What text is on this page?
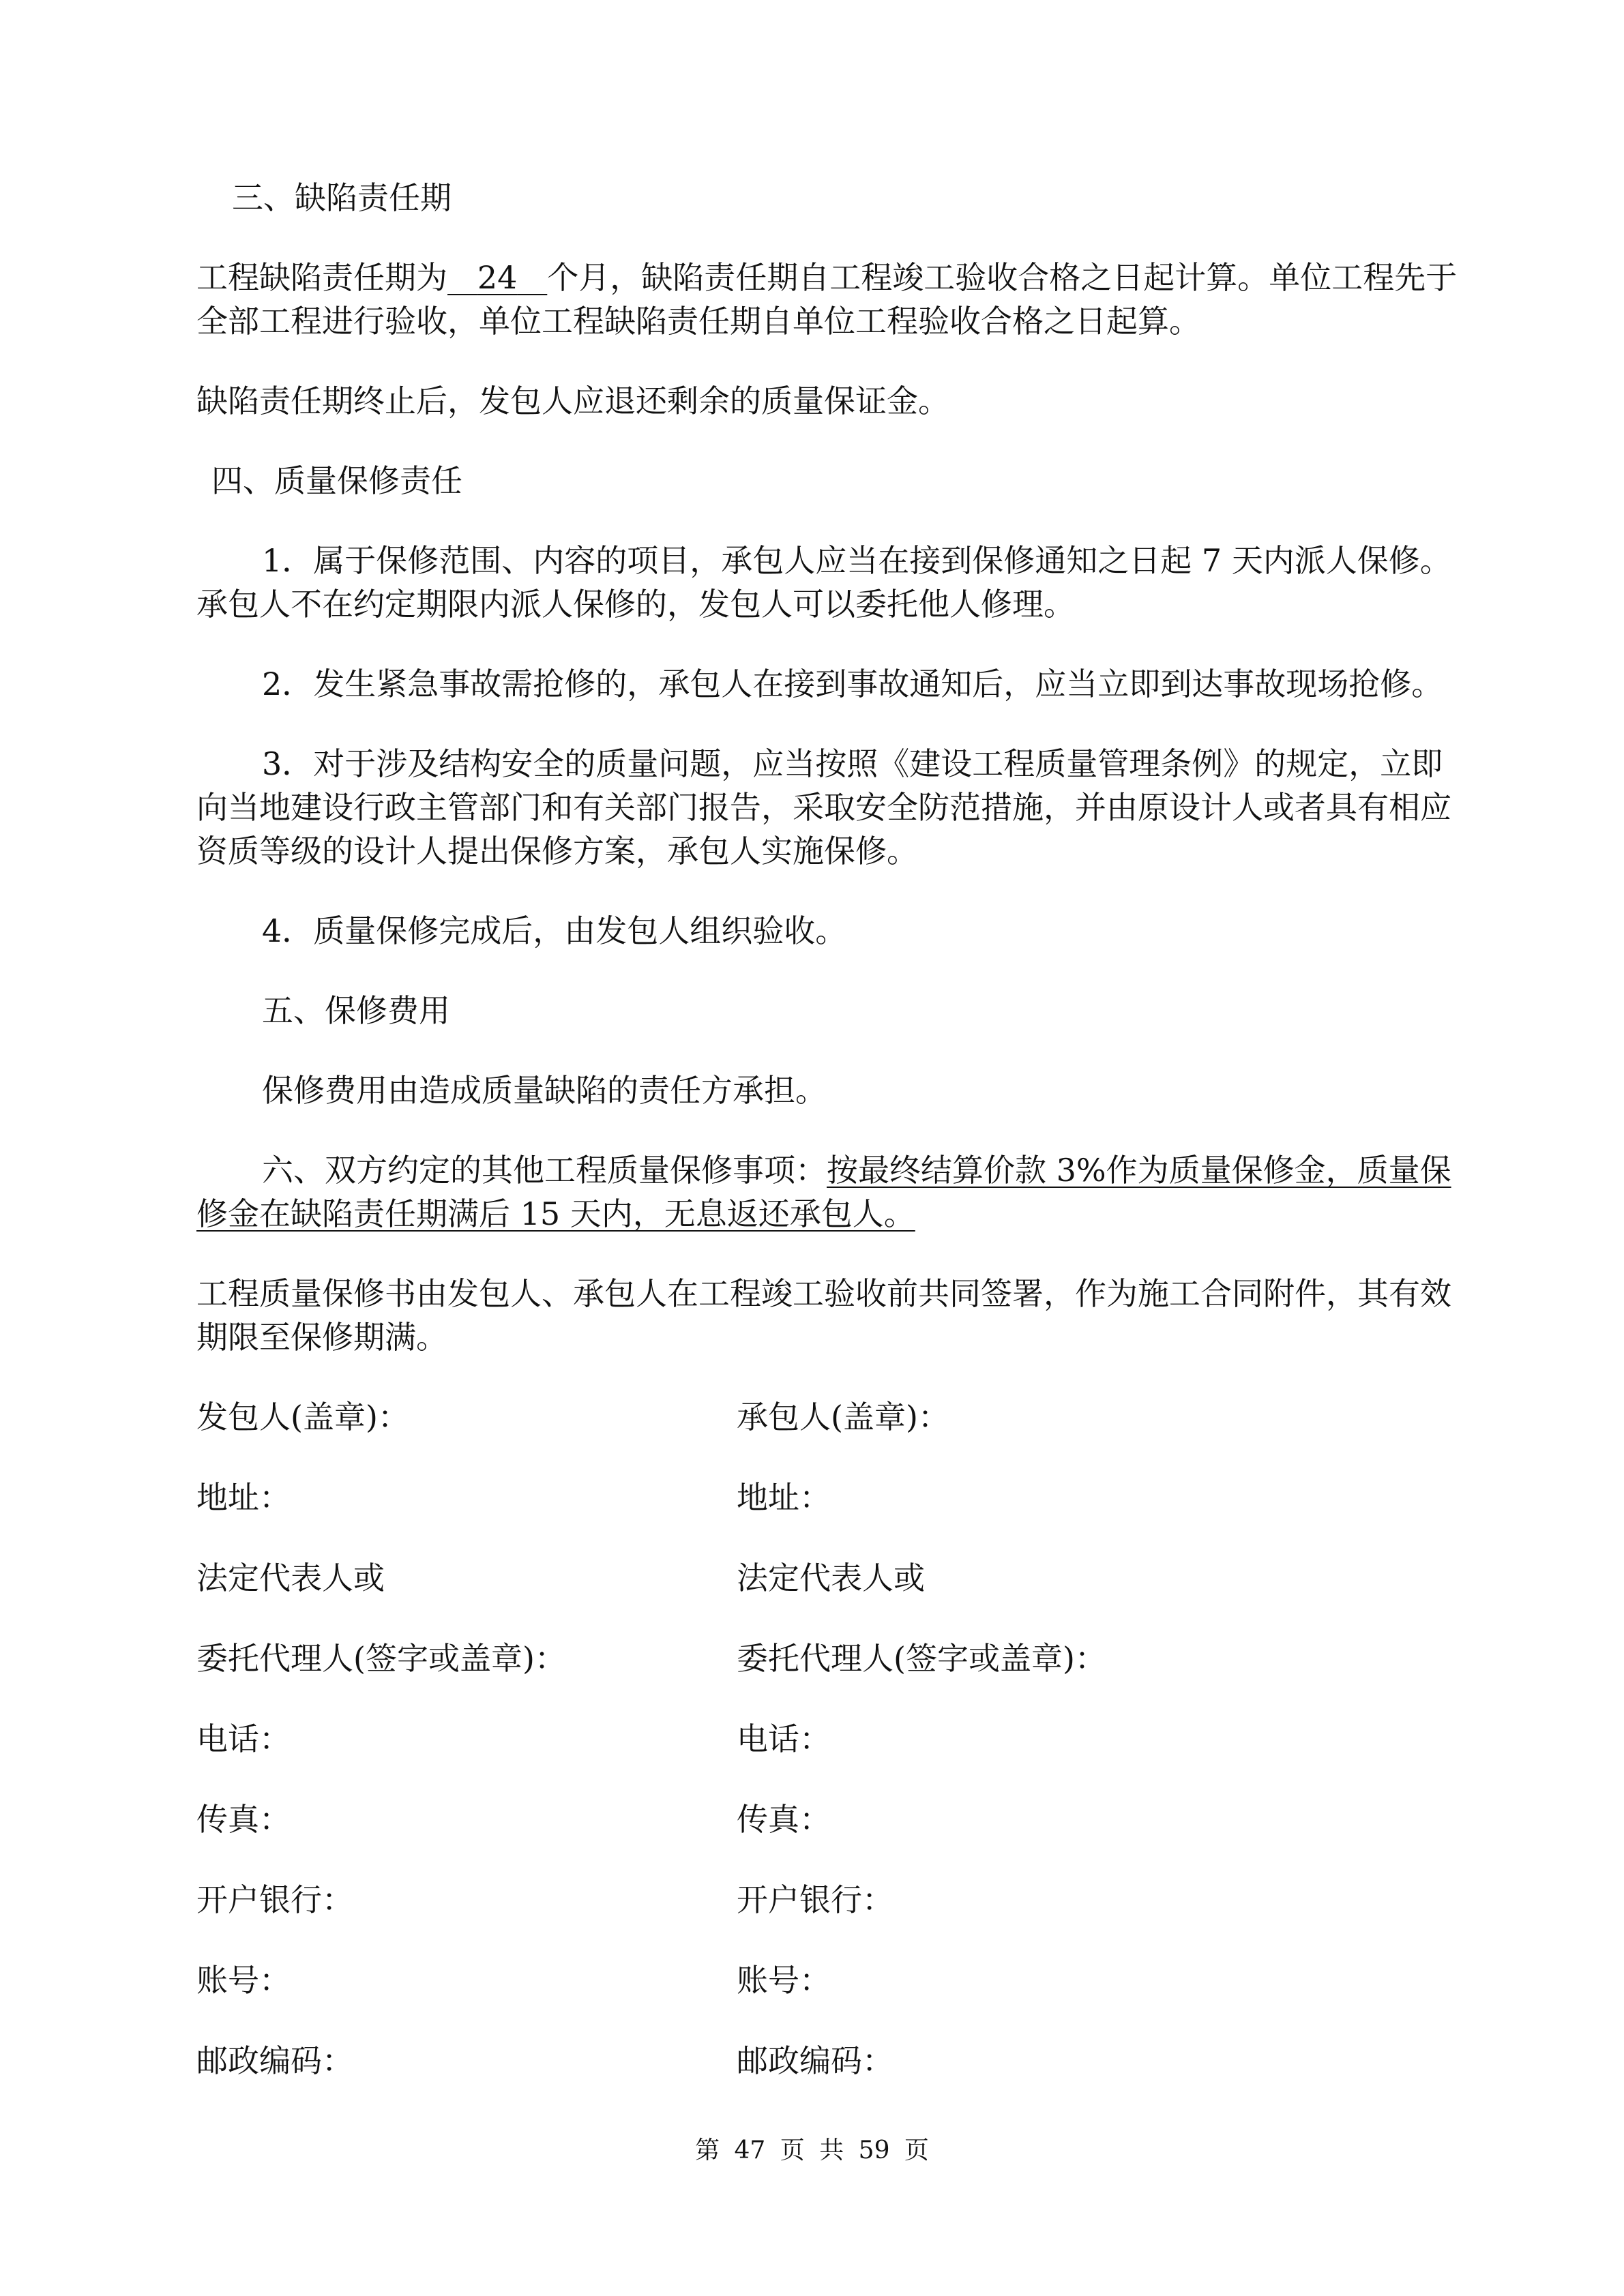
三、缺陷责任期
工程缺陷责任期为 24 个月，缺陷责任期自工程竣工验收合格之日起计算。单位工程先于
全部工程进行验收，单位工程缺陷责任期自单位工程验收合格之日起算。
缺陷责任期终止后，发包人应退还剩余的质量保证金。
四、质量保修责任
1．属于保修范围、内容的项目，承包人应当在接到保修通知之日起 7 天内派人保修。
承包人不在约定期限内派人保修的，发包人可以委托他人修理。
2．发生紧急事故需抢修的，承包人在接到事故通知后，应当立即到达事故现场抢修。
3．对于涉及结构安全的质量问题，应当按照《建设工程质量管理条例》的规定，立即
向当地建设行政主管部门和有关部门报告，采取安全防范措施，并由原设计人或者具有相应
资质等级的设计人提出保修方案，承包人实施保修。
4．质量保修完成后，由发包人组织验收。
五、保修费用
保修费用由造成质量缺陷的责任方承担。
六、双方约定的其他工程质量保修事项：按最终结算价款 3%作为质量保修金，质量保
修金在缺陷责任期满后 15 天内，无息返还承包人。
工程质量保修书由发包人、承包人在工程竣工验收前共同签署，作为施工合同附件，其有效
期限至保修期满。
发包人(盖章)：	承包人(盖章)：
地址：	地址：
法定代表人或	法定代表人或
委托代理人(签字或盖章)：	委托代理人(签字或盖章)：
电话：	电话：
传真：	传真：
开户银行：	开户银行：
账号：	账号：
邮政编码：	邮政编码：
第 47 页 共 59 页
